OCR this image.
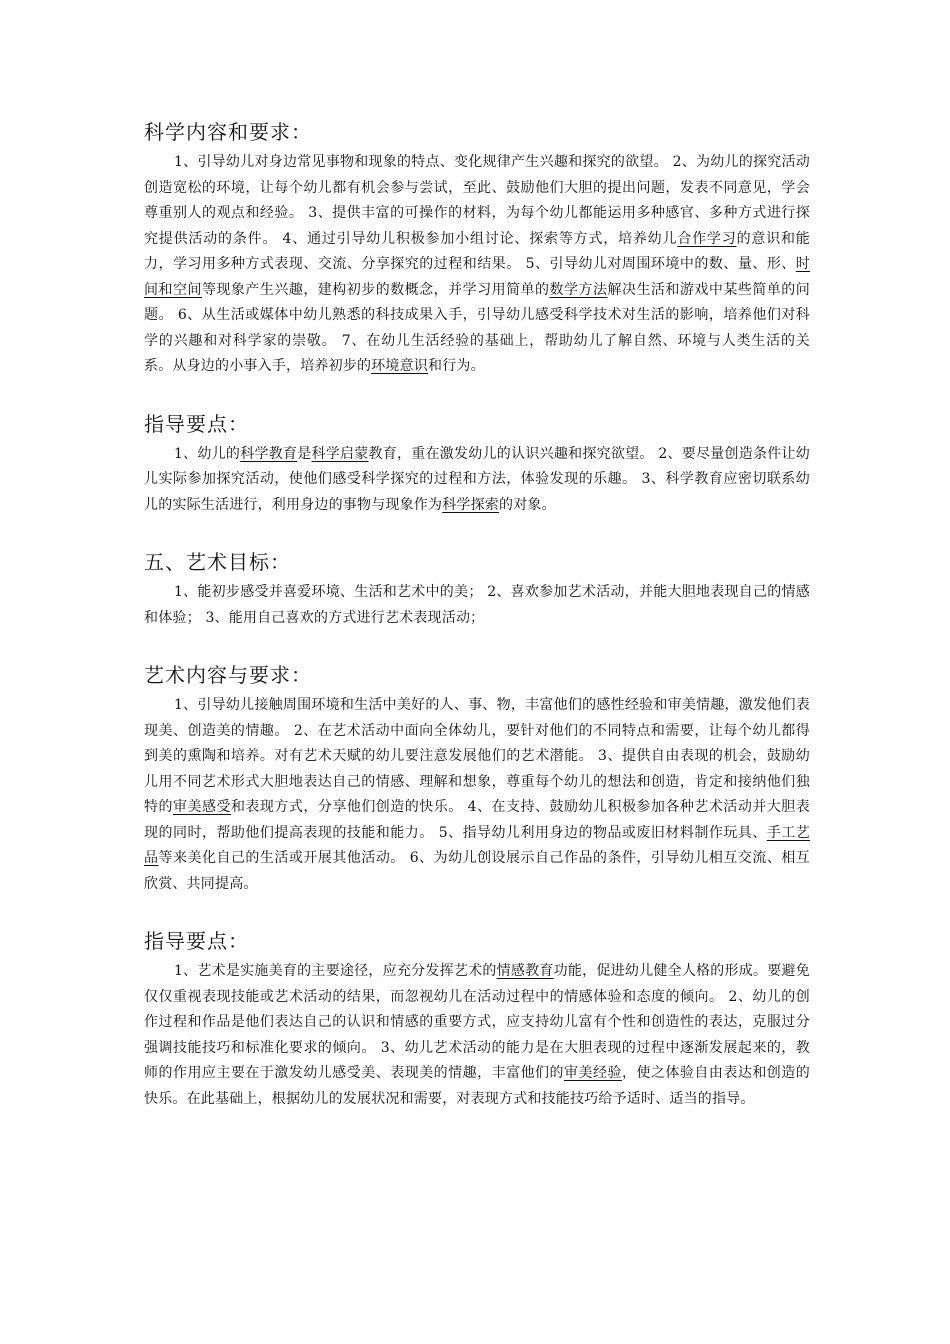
科学内容和要求：

1、引导幼儿对身边常见事物和现象的特点、变化规律产生兴趣和探究的欲望。 2、为幼儿的探究活动创造宽松的环境，让每个幼儿都有机会参与尝试，至此、鼓励他们大胆的提出问题，发表不同意见，学会尊重别人的观点和经验。 3、提供丰富的可操作的材料，为每个幼儿都能运用多种感官、多种方式进行探究提供活动的条件。 4、通过引导幼儿积极参加小组讨论、探索等方式，培养幼儿合作学习的意识和能力，学习用多种方式表现、交流、分享探究的过程和结果。 5、引导幼儿对周围环境中的数、量、形、时间和空间等现象产生兴趣，建构初步的数概念，并学习用简单的数学方法解决生活和游戏中某些简单的问题。 6、从生活或媒体中幼儿熟悉的科技成果入手，引导幼儿感受科学技术对生活的影响，培养他们对科学的兴趣和对科学家的崇敬。 7、在幼儿生活经验的基础上，帮助幼儿了解自然、环境与人类生活的关系。从身边的小事入手，培养初步的环境意识和行为。

指导要点：

1、幼儿的科学教育是科学启蒙教育，重在激发幼儿的认识兴趣和探究欲望。 2、要尽量创造条件让幼儿实际参加探究活动，使他们感受科学探究的过程和方法，体验发现的乐趣。 3、科学教育应密切联系幼儿的实际生活进行，利用身边的事物与现象作为科学探索的对象。

五、艺术目标：

1、能初步感受并喜爱环境、生活和艺术中的美； 2、喜欢参加艺术活动，并能大胆地表现自己的情感和体验； 3、能用自己喜欢的方式进行艺术表现活动；

艺术内容与要求：

1、引导幼儿接触周围环境和生活中美好的人、事、物，丰富他们的感性经验和审美情趣，激发他们表现美、创造美的情趣。 2、在艺术活动中面向全体幼儿，要针对他们的不同特点和需要，让每个幼儿都得到美的熏陶和培养。对有艺术天赋的幼儿要注意发展他们的艺术潜能。 3、提供自由表现的机会，鼓励幼儿用不同艺术形式大胆地表达自己的情感、理解和想象，尊重每个幼儿的想法和创造，肯定和接纳他们独特的审美感受和表现方式，分享他们创造的快乐。 4、在支持、鼓励幼儿积极参加各种艺术活动并大胆表现的同时，帮助他们提高表现的技能和能力。 5、指导幼儿利用身边的物品或废旧材料制作玩具、手工艺品等来美化自己的生活或开展其他活动。 6、为幼儿创设展示自己作品的条件，引导幼儿相互交流、相互欣赏、共同提高。

指导要点：

1、艺术是实施美育的主要途径，应充分发挥艺术的情感教育功能，促进幼儿健全人格的形成。要避免仅仅重视表现技能或艺术活动的结果，而忽视幼儿在活动过程中的情感体验和态度的倾向。 2、幼儿的创作过程和作品是他们表达自己的认识和情感的重要方式，应支持幼儿富有个性和创造性的表达，克服过分强调技能技巧和标准化要求的倾向。 3、幼儿艺术活动的能力是在大胆表现的过程中逐渐发展起来的，教师的作用应主要在于激发幼儿感受美、表现美的情趣，丰富他们的审美经验，使之体验自由表达和创造的快乐。在此基础上，根据幼儿的发展状况和需要，对表现方式和技能技巧给予适时、适当的指导。
